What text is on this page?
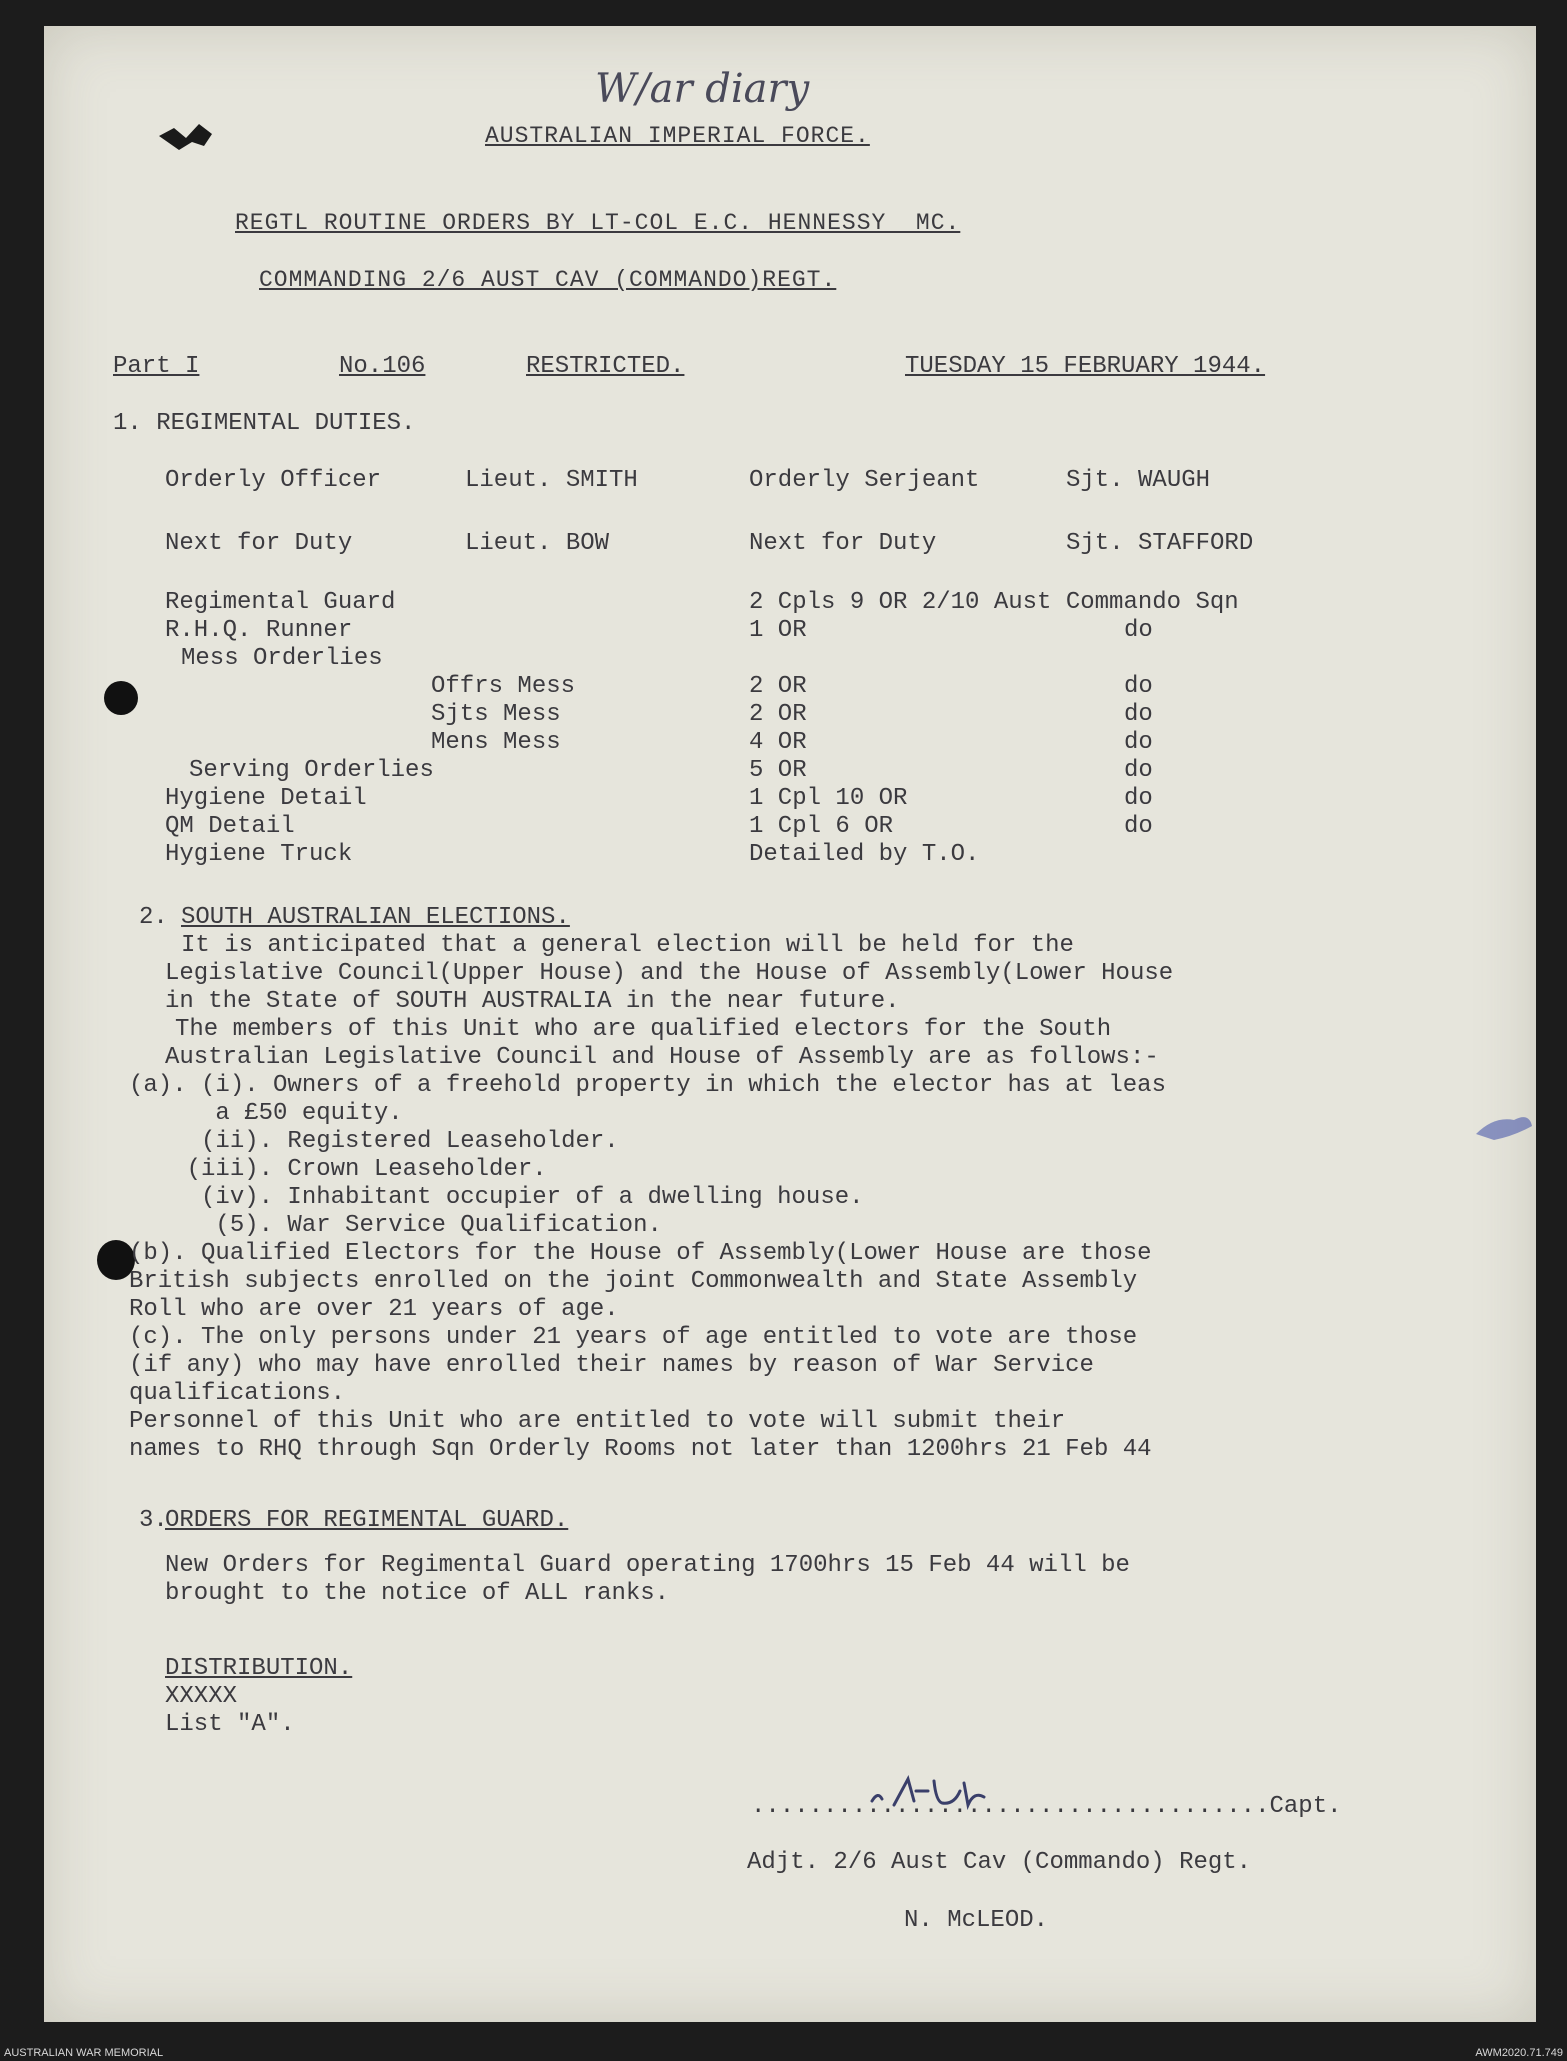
W/ar diary
AUSTRALIAN IMPERIAL FORCE.
REGTL ROUTINE ORDERS BY LT-COL E.C. HENNESSY  MC.
COMMANDING 2/6 AUST CAV (COMMANDO)REGT.
Part I	No.106	RESTRICTED.	TUESDAY 15 FEBRUARY 1944.
1. REGIMENTAL DUTIES.
Orderly Officer	Lieut. SMITH	Orderly Serjeant	Sjt. WAUGH
Next for Duty	Lieut. BOW	Next for Duty	Sjt. STAFFORD
Regimental Guard	2 Cpls 9 OR 2/10 Aust Commando Sqn
R.H.Q. Runner	1 OR	do
Mess Orderlies
Offrs Mess	2 OR	do
Sjts Mess	2 OR	do
Mens Mess	4 OR	do
Serving Orderlies	5 OR	do
Hygiene Detail	1 Cpl 10 OR	do
QM Detail	1 Cpl 6 OR	do
Hygiene Truck	Detailed by T.O.
2. SOUTH AUSTRALIAN ELECTIONS.
It is anticipated that a general election will be held for the
Legislative Council(Upper House) and the House of Assembly(Lower House
in the State of SOUTH AUSTRALIA in the near future.
The members of this Unit who are qualified electors for the South
Australian Legislative Council and House of Assembly are as follows:-
(a). (i). Owners of a freehold property in which the elector has at leas
a £50 equity.
(ii). Registered Leaseholder.
(iii). Crown Leaseholder.
(iv). Inhabitant occupier of a dwelling house.
(5). War Service Qualification.
(b). Qualified Electors for the House of Assembly(Lower House are those
British subjects enrolled on the joint Commonwealth and State Assembly
Roll who are over 21 years of age.
(c). The only persons under 21 years of age entitled to vote are those
(if any) who may have enrolled their names by reason of War Service
qualifications.
Personnel of this Unit who are entitled to vote will submit their
names to RHQ through Sqn Orderly Rooms not later than 1200hrs 21 Feb 44
3.
ORDERS FOR REGIMENTAL GUARD.
New Orders for Regimental Guard operating 1700hrs 15 Feb 44 will be
brought to the notice of ALL ranks.
DISTRIBUTION.
XXXXX
List "A".
....................................Capt.
Adjt. 2/6 Aust Cav (Commando) Regt.
N. McLEOD.
AUSTRALIAN WAR MEMORIAL	AWM2020.71.749
